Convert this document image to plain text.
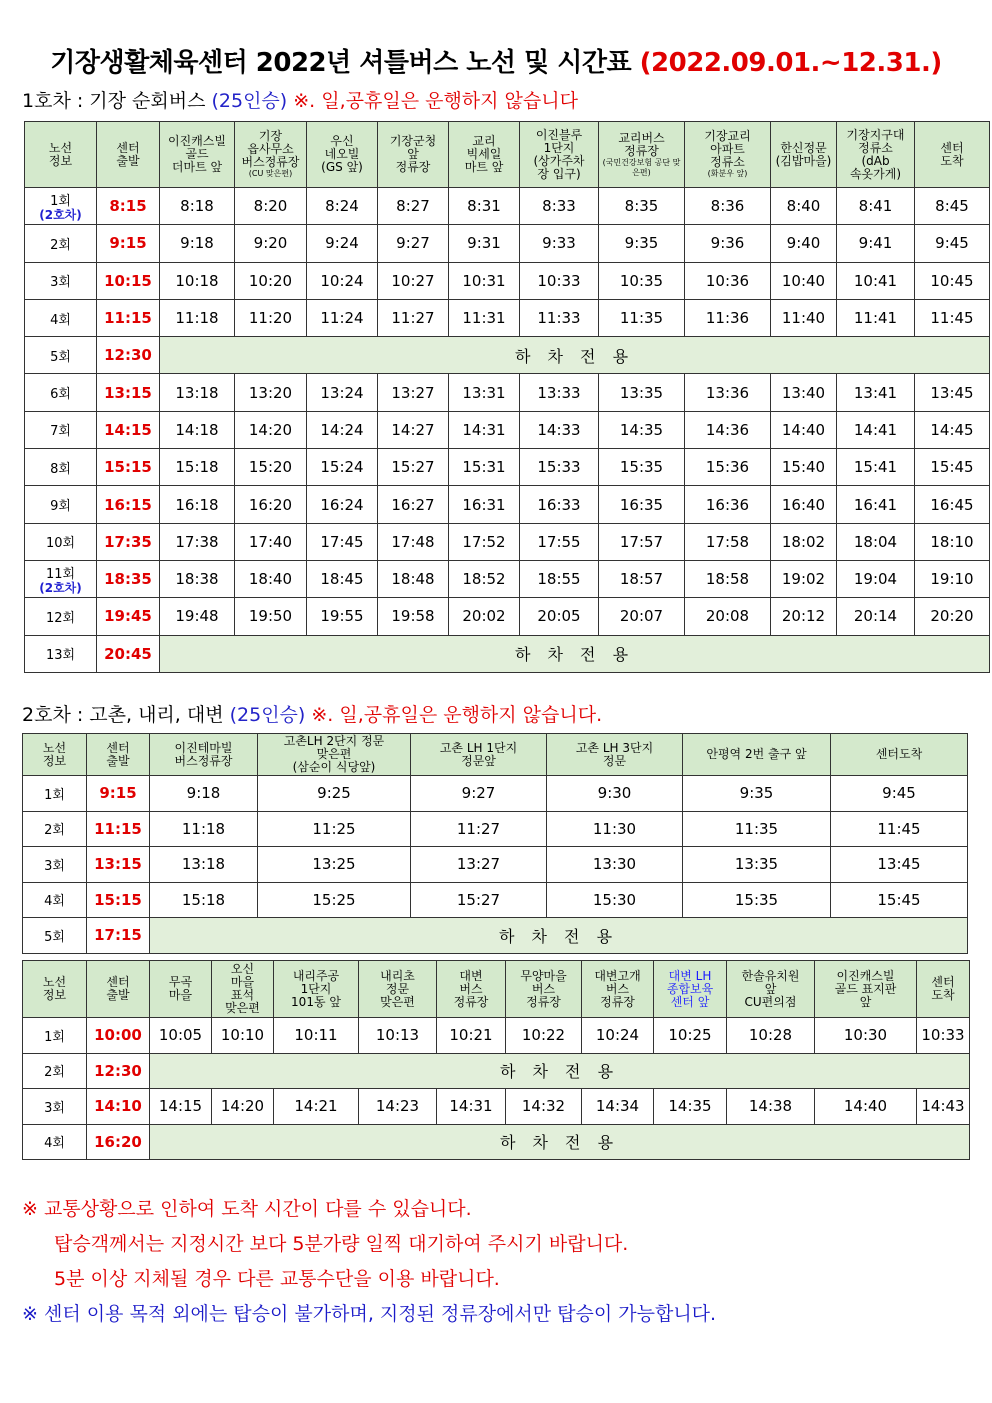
기장생활체육센터 2022년 셔틀버스 노선 및 시간표 (2022.09.01.~12.31.)
1호차 : 기장 순회버스 (25인승) ※. 일,공휴일은 운행하지 않습니다
노선
정보	센터
출발	이진캐스빌
골드
더마트 앞	기장
읍사무소
버스정류장
(CU 맞은편)	우신
네오빌
(GS 앞)	기장군청
앞
정류장	교리
빅세일
마트 앞	이진블루
1단지
(상가주차
장 입구)	교리버스
정류장
(국민건강보험 공단 맞은편)	기장교리
아파트
정류소
(화분우 앞)	한신정문
(김밥마을)	기장지구대
정류소
(dAb
속옷가게)	센터
도착

1회
(2호차)	8:15	8:18	8:20	8:24	8:27	8:31	8:33	8:35	8:36	8:40	8:41	8:45
2회	9:15	9:18	9:20	9:24	9:27	9:31	9:33	9:35	9:36	9:40	9:41	9:45
3회	10:15	10:18	10:20	10:24	10:27	10:31	10:33	10:35	10:36	10:40	10:41	10:45
4회	11:15	11:18	11:20	11:24	11:27	11:31	11:33	11:35	11:36	11:40	11:41	11:45
5회	12:30	하 차 전 용										
6회	13:15	13:18	13:20	13:24	13:27	13:31	13:33	13:35	13:36	13:40	13:41	13:45
7회	14:15	14:18	14:20	14:24	14:27	14:31	14:33	14:35	14:36	14:40	14:41	14:45
8회	15:15	15:18	15:20	15:24	15:27	15:31	15:33	15:35	15:36	15:40	15:41	15:45
9회	16:15	16:18	16:20	16:24	16:27	16:31	16:33	16:35	16:36	16:40	16:41	16:45
10회	17:35	17:38	17:40	17:45	17:48	17:52	17:55	17:57	17:58	18:02	18:04	18:10
11회
(2호차)	18:35	18:38	18:40	18:45	18:48	18:52	18:55	18:57	18:58	19:02	19:04	19:10
12회	19:45	19:48	19:50	19:55	19:58	20:02	20:05	20:07	20:08	20:12	20:14	20:20
13회	20:45	하 차 전 용										
2호차 : 고촌, 내리, 대변 (25인승) ※. 일,공휴일은 운행하지 않습니다.
노선
정보	센터
출발	이진테마빌
버스정류장	고촌LH 2단지 정문
맞은편
(삼순이 식당앞)	고촌 LH 1단지
정문앞	고촌 LH 3단지
정문	안평역 2번 출구 앞	센터도착

1회	9:15	9:18	9:25	9:27	9:30	9:35	9:45
2회	11:15	11:18	11:25	11:27	11:30	11:35	11:45
3회	13:15	13:18	13:25	13:27	13:30	13:35	13:45
4회	15:15	15:18	15:25	15:27	15:30	15:35	15:45
5회	17:15	하 차 전 용					
노선
정보	센터
출발	무곡
마을	오신
마을
표석
맞은편	내리주공
1단지
101동 앞	내리초
정문
맞은편	대변
버스
정류장	무양마을
버스
정류장	대변고개
버스
정류장	대변 LH
종합보육
센터 앞	한솔유치원
앞
CU편의점	이진캐스빌
골드 표지판
앞	센터
도착

1회	10:00	10:05	10:10	10:11	10:13	10:21	10:22	10:24	10:25	10:28	10:30	10:33
2회	12:30	하 차 전 용										
3회	14:10	14:15	14:20	14:21	14:23	14:31	14:32	14:34	14:35	14:38	14:40	14:43
4회	16:20	하 차 전 용										
※ 교통상황으로 인하여 도착 시간이 다를 수 있습니다.
탑승객께서는 지정시간 보다 5분가량 일찍 대기하여 주시기 바랍니다.
5분 이상 지체될 경우 다른 교통수단을 이용 바랍니다.
※ 센터 이용 목적 외에는 탑승이 불가하며, 지정된 정류장에서만 탑승이 가능합니다.
